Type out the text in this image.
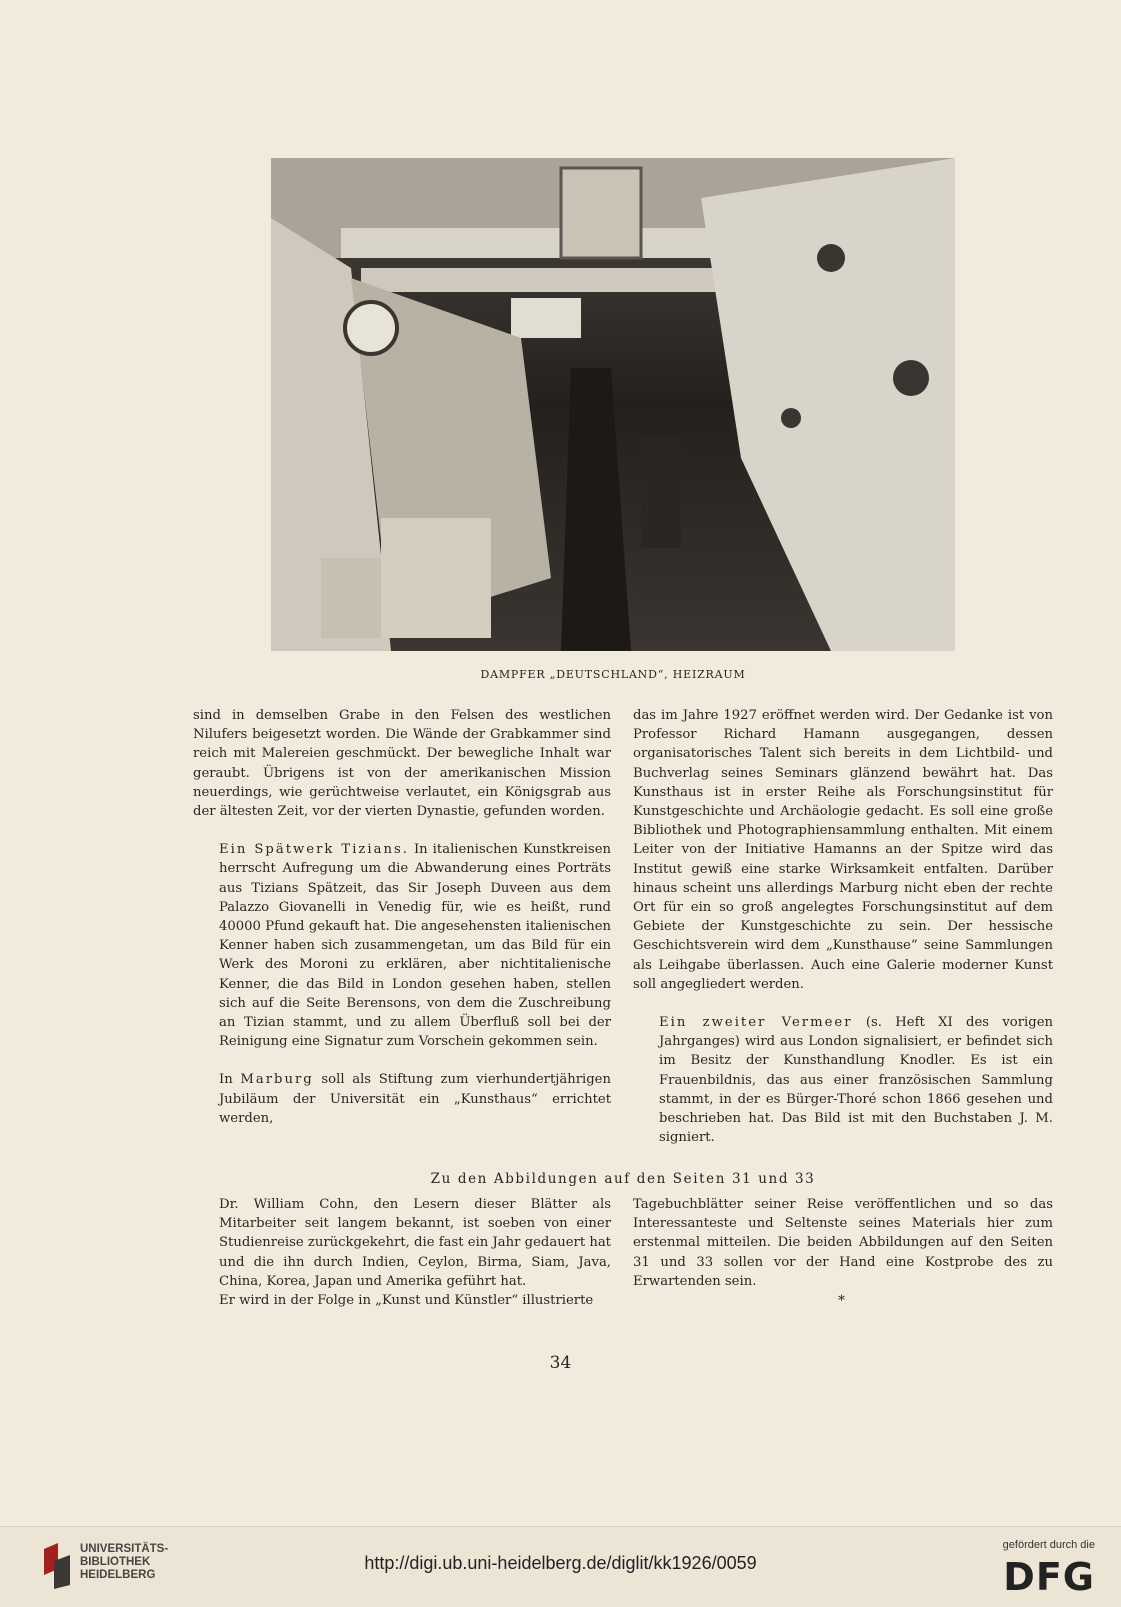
DAMPFER „DEUTSCHLAND“, HEIZRAUM

sind in demselben Grabe in den Felsen des westlichen Nilufers beigesetzt worden. Die Wände der Grabkammer sind reich mit Malereien geschmückt. Der bewegliche Inhalt war geraubt. Übrigens ist von der amerikanischen Mission neuerdings, wie gerüchtweise verlautet, ein Königsgrab aus der ältesten Zeit, vor der vierten Dynastie, gefunden worden.

Ein Spätwerk Tizians. In italienischen Kunstkreisen herrscht Aufregung um die Abwanderung eines Porträts aus Tizians Spätzeit, das Sir Joseph Duveen aus dem Palazzo Giovanelli in Venedig für, wie es heißt, rund 40000 Pfund gekauft hat. Die angesehensten italienischen Kenner haben sich zusammengetan, um das Bild für ein Werk des Moroni zu erklären, aber nichtitalienische Kenner, die das Bild in London gesehen haben, stellen sich auf die Seite Berensons, von dem die Zuschreibung an Tizian stammt, und zu allem Überfluß soll bei der Reinigung eine Signatur zum Vorschein gekommen sein.

In Marburg soll als Stiftung zum vierhundertjährigen Jubiläum der Universität ein „Kunsthaus“ errichtet werden,

das im Jahre 1927 eröffnet werden wird. Der Gedanke ist von Professor Richard Hamann ausgegangen, dessen organisatorisches Talent sich bereits in dem Lichtbild- und Buchverlag seines Seminars glänzend bewährt hat. Das Kunsthaus ist in erster Reihe als Forschungsinstitut für Kunstgeschichte und Archäologie gedacht. Es soll eine große Bibliothek und Photographiensammlung enthalten. Mit einem Leiter von der Initiative Hamanns an der Spitze wird das Institut gewiß eine starke Wirksamkeit entfalten. Darüber hinaus scheint uns allerdings Marburg nicht eben der rechte Ort für ein so groß angelegtes Forschungsinstitut auf dem Gebiete der Kunstgeschichte zu sein. Der hessische Geschichtsverein wird dem „Kunsthause“ seine Sammlungen als Leihgabe überlassen. Auch eine Galerie moderner Kunst soll angegliedert werden.

Ein zweiter Vermeer (s. Heft XI des vorigen Jahrganges) wird aus London signalisiert, er befindet sich im Besitz der Kunsthandlung Knodler. Es ist ein Frauenbildnis, das aus einer französischen Sammlung stammt, in der es Bürger-Thoré schon 1866 gesehen und beschrieben hat. Das Bild ist mit den Buchstaben J. M. signiert.

Zu den Abbildungen auf den Seiten 31 und 33

Dr. William Cohn, den Lesern dieser Blätter als Mitarbeiter seit langem bekannt, ist soeben von einer Studienreise zurückgekehrt, die fast ein Jahr gedauert hat und die ihn durch Indien, Ceylon, Birma, Siam, Java, China, Korea, Japan und Amerika geführt hat.

Er wird in der Folge in „Kunst und Künstler“ illustrierte

Tagebuchblätter seiner Reise veröffentlichen und so das Interessanteste und Seltenste seines Materials hier zum erstenmal mitteilen. Die beiden Abbildungen auf den Seiten 31 und 33 sollen vor der Hand eine Kostprobe des zu Erwartenden sein.

*
34
UNIVERSITÄTS-
BIBLIOTHEK
HEIDELBERG
http://digi.ub.uni-heidelberg.de/diglit/kk1926/0059
gefördert durch die
DFG
